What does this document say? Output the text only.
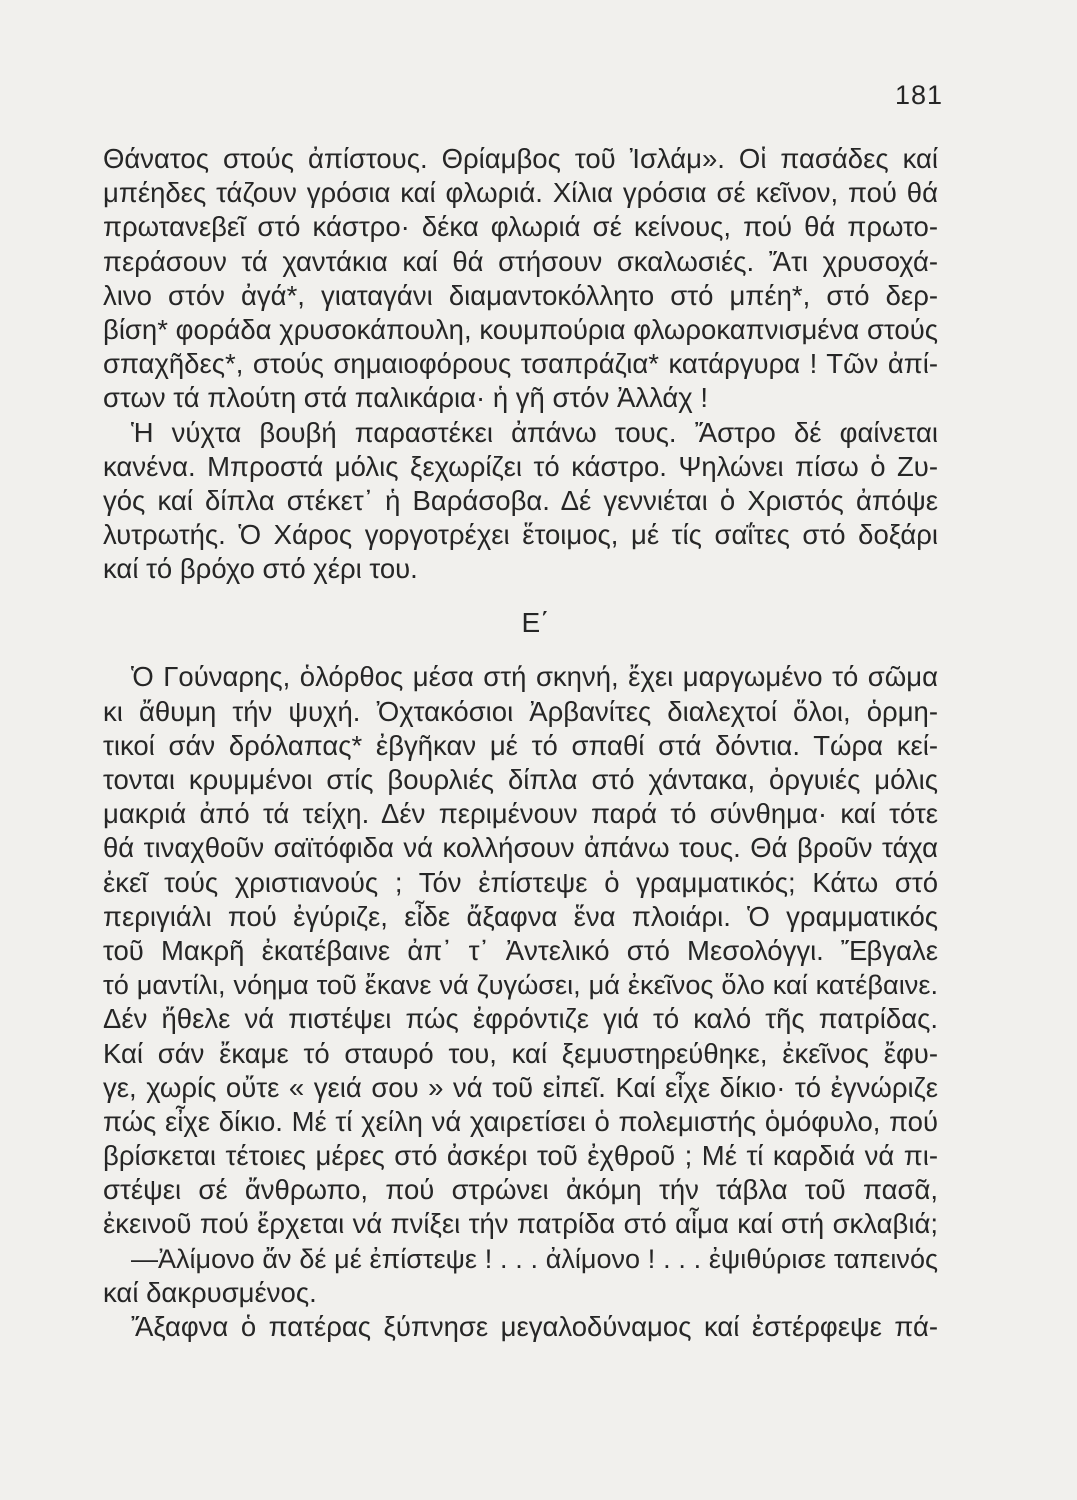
181
Θάνατος στούς ἀπίστους. Θρίαμβος τοῦ Ἰσλάμ». Οἱ πασάδες καί
μπέηδες τάζουν γρόσια καί φλωριά. Χίλια γρόσια σέ κεῖνον, πού θά
πρωτανεβεῖ στό κάστρο· δέκα φλωριά σέ κείνους, πού θά πρωτο-
περάσουν τά χαντάκια καί θά στήσουν σκαλωσιές. Ἄτι χρυσοχά-
λινο στόν ἀγά*, γιαταγάνι διαμαντοκόλλητο στό μπέη*, στό δερ-
βίση* φοράδα χρυσοκάπουλη, κουμπούρια φλωροκαπνισμένα στούς
σπαχῆδες*, στούς σημαιοφόρους τσαπράζια* κατάργυρα ! Τῶν ἀπί-
στων τά πλούτη στά παλικάρια· ἡ γῆ στόν Ἀλλάχ !
Ἡ νύχτα βουβή παραστέκει ἀπάνω τους. Ἄστρο δέ φαίνεται
κανένα. Μπροστά μόλις ξεχωρίζει τό κάστρο. Ψηλώνει πίσω ὁ Ζυ-
γός καί δίπλα στέκετ᾽ ἡ Βαράσοβα. Δέ γεννιέται ὁ Χριστός ἀπόψε
λυτρωτής. Ὁ Χάρος γοργοτρέχει ἕτοιμος, μέ τίς σαΐτες στό δοξάρι
καί τό βρόχο στό χέρι του.
Ε΄
Ὁ Γούναρης, ὁλόρθος μέσα στή σκηνή, ἔχει μαργωμένο τό σῶμα
κι ἄθυμη τήν ψυχή. Ὀχτακόσιοι Ἀρβανίτες διαλεχτοί ὅλοι, ὁρμη-
τικοί σάν δρόλαπας* ἐβγῆκαν μέ τό σπαθί στά δόντια. Τώρα κεί-
τονται κρυμμένοι στίς βουρλιές δίπλα στό χάντακα, ὀργυιές μόλις
μακριά ἀπό τά τείχη. Δέν περιμένουν παρά τό σύνθημα· καί τότε
θά τιναχθοῦν σαϊτόφιδα νά κολλήσουν ἀπάνω τους. Θά βροῦν τάχα
ἐκεῖ τούς χριστιανούς ; Τόν ἐπίστεψε ὁ γραμματικός; Κάτω στό
περιγιάλι πού ἐγύριζε, εἶδε ἄξαφνα ἕνα πλοιάρι. Ὁ γραμματικός
τοῦ Μακρῆ ἐκατέβαινε ἀπ᾽ τ᾽ Ἀντελικό στό Μεσολόγγι. Ἔβγαλε
τό μαντίλι, νόημα τοῦ ἔκανε νά ζυγώσει, μά ἐκεῖνος ὅλο καί κατέβαινε.
Δέν ἤθελε νά πιστέψει πώς ἐφρόντιζε γιά τό καλό τῆς πατρίδας.
Καί σάν ἔκαμε τό σταυρό του, καί ξεμυστηρεύθηκε, ἐκεῖνος ἔφυ-
γε, χωρίς οὔτε « γειά σου » νά τοῦ εἰπεῖ. Καί εἶχε δίκιο· τό ἐγνώριζε
πώς εἶχε δίκιο. Μέ τί χείλη νά χαιρετίσει ὁ πολεμιστής ὁμόφυλο, πού
βρίσκεται τέτοιες μέρες στό ἀσκέρι τοῦ ἐχθροῦ ; Μέ τί καρδιά νά πι-
στέψει σέ ἄνθρωπο, πού στρώνει ἀκόμη τήν τάβλα τοῦ πασᾶ,
ἐκεινοῦ πού ἔρχεται νά πνίξει τήν πατρίδα στό αἷμα καί στή σκλαβιά;
—Ἀλίμονο ἄν δέ μέ ἐπίστεψε ! . . . ἀλίμονο ! . . . ἐψιθύρισε ταπεινός
καί δακρυσμένος.
Ἄξαφνα ὁ πατέρας ξύπνησε μεγαλοδύναμος καί ἐστέρφεψε πά-
